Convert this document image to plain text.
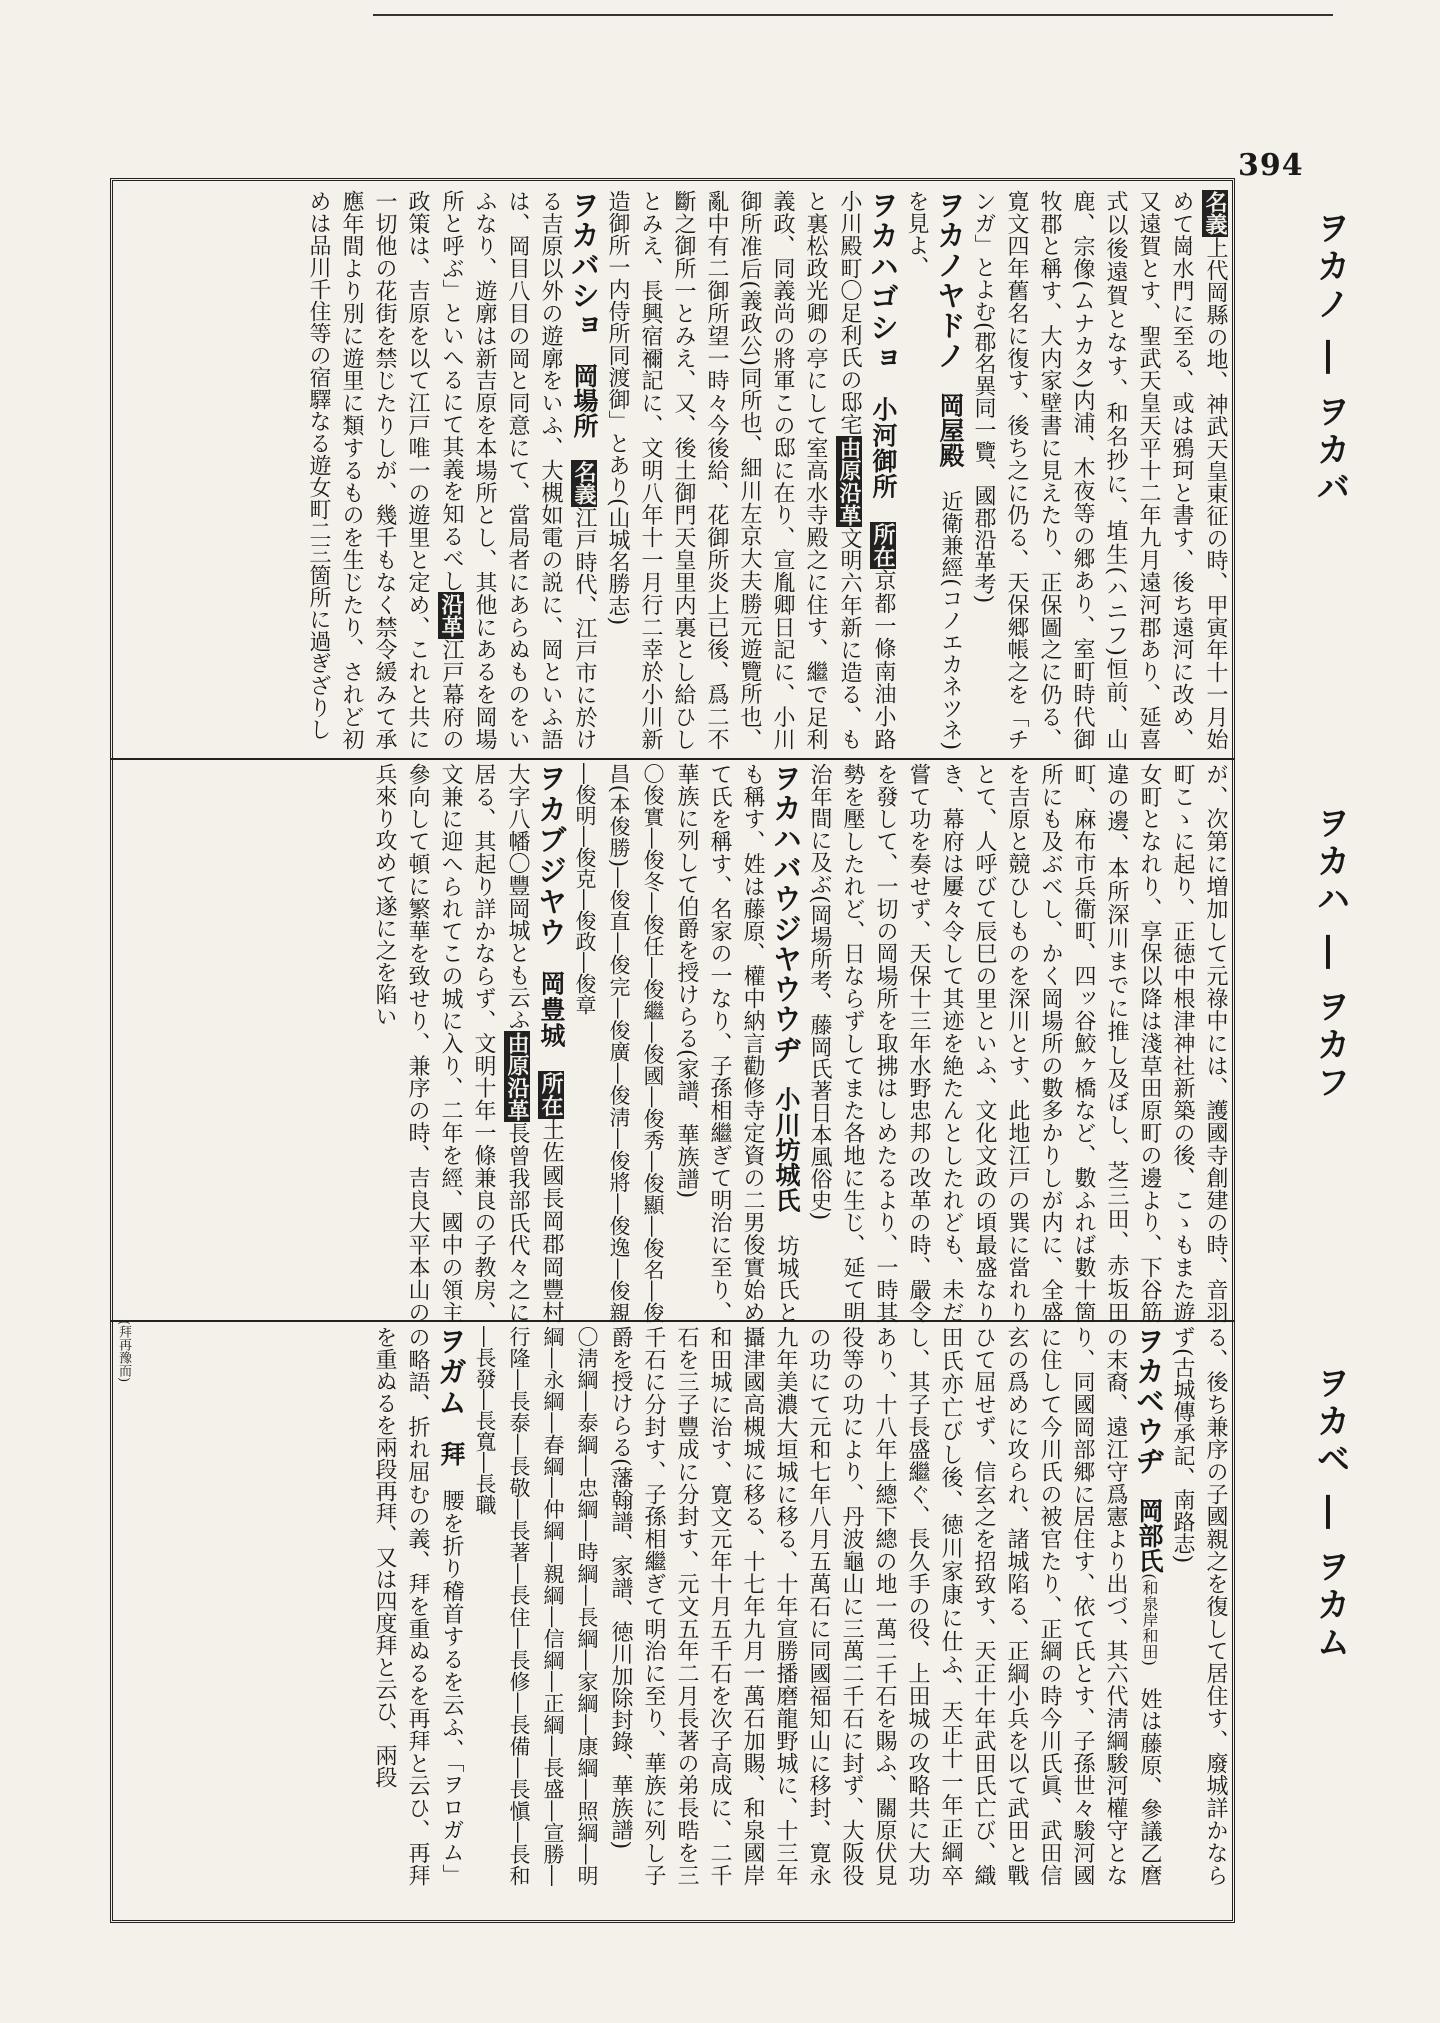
394
ヲカノ ― ヲカバ
ヲカハ ― ヲカフ
ヲカベ ― ヲカム
(拜再豫而)

名義上代岡縣の地、神武天皇東征の時、甲寅年十一月始めて崗水門に至る、或は鴉珂と書す、後ち遠河に改め、又遠賀とす、聖武天皇天平十二年九月遠河郡あり、延喜式以後遠賀となす、和名抄に、埴生(ハニフ)恒前、山鹿、宗像(ムナカタ)内浦、木夜等の郷あり、室町時代御牧郡と稱す、大内家壁書に見えたり、正保圖之に仍る、寛文四年舊名に復す、後ち之に仍る、天保郷帳之を「チンガ」とよむ(郡名異同一覽、國郡沿革考)

ヲカノヤドノ　岡屋殿　近衛兼經(コノエカネツネ)を見よ、

ヲカハゴショ　小河御所　所在京都一條南油小路小川殿町〇足利氏の邸宅由原沿革文明六年新に造る、もと裏松政光卿の亭にして室高水寺殿之に住す、繼で足利義政、同義尚の將軍この邸に在り、宣胤卿日記に、小川御所准后(義政公)同所也、細川左京大夫勝元遊覽所也、亂中有二御所望一時々今後給、花御所炎上已後、爲二不斷之御所一とみえ、又、後土御門天皇里内裏とし給ひしとみえ、長興宿禰記に、文明八年十一月行二幸於小川新造御所一内侍所同渡御」とあり(山城名勝志)

ヲカバショ　岡場所　名義江戸時代、江戸市に於ける吉原以外の遊廓をいふ、大槻如電の説に、岡といふ語は、岡目八目の岡と同意にて、當局者にあらぬものをいふなり、遊廓は新吉原を本場所とし、其他にあるを岡場所と呼ぶ」といへるにて其義を知るべし沿革江戸幕府の政策は、吉原を以て江戸唯一の遊里と定め、これと共に一切他の花街を禁じたりしが、幾千もなく禁令緩みて承應年間より別に遊里に類するものを生じたり、されど初めは品川千住等の宿驛なる遊女町二三箇所に過ぎざりし

が、次第に増加して元祿中には、護國寺創建の時、音羽町こゝに起り、正徳中根津神社新築の後、こゝもまた遊女町となれり、享保以降は淺草田原町の邊より、下谷筋違の邊、本所深川までに推し及ぼし、芝三田、赤坂田町、麻布市兵衞町、四ッ谷鮫ヶ橋など、數ふれば數十箇所にも及ぶべし、かく岡場所の數多かりしが内に、全盛を吉原と競ひしものを深川とす、此地江戸の巽に當れりとて、人呼びて辰巳の里といふ、文化文政の頃最盛なりき、幕府は屢々令して其迹を絶たんとしたれども、未だ嘗て功を奏せず、天保十三年水野忠邦の改革の時、嚴令を發して、一切の岡場所を取拂はしめたるより、一時其勢を壓したれど、日ならずしてまた各地に生じ、延て明治年間に及ぶ(岡場所考、藤岡氏著日本風俗史)

ヲカハバウジヤウウヂ　小川坊城氏　坊城氏とも稱す、姓は藤原、權中納言勸修寺定資の二男俊實始めて氏を稱す、名家の一なり、子孫相繼ぎて明治に至り、華族に列して伯爵を授けらる(家譜、華族譜)

〇俊實―俊冬―俊任―俊繼―俊國―俊秀―俊顯―俊名―俊昌(本俊勝)―俊直―俊完―俊廣―俊淸―俊將―俊逸―俊親―俊明―俊克―俊政―俊章

ヲカブジヤウ　岡豊城　所在土佐國長岡郡岡豐村大字八幡〇豐岡城とも云ふ由原沿革長曾我部氏代々之に居る、其起り詳かならず、文明十年一條兼良の子教房、文兼に迎へられてこの城に入り、二年を經、國中の領主參向して頓に繁華を致せり、兼序の時、吉良大平本山の兵來り攻めて遂に之を陷い

る、後ち兼序の子國親之を復して居住す、廢城詳かならず(古城傳承記、南路志)

ヲカベウヂ　岡部氏(和泉岸和田)　姓は藤原、參議乙麿の末裔、遠江守爲憲より出づ、其六代淸綱駿河權守となり、同國岡部郷に居住す、依て氏とす、子孫世々駿河國に住して今川氏の被官たり、正綱の時今川氏眞、武田信玄の爲めに攻られ、諸城陷る、正綱小兵を以て武田と戰ひて屈せず、信玄之を招致す、天正十年武田氏亡び、織田氏亦亡びし後、徳川家康に仕ふ、天正十一年正綱卒し、其子長盛繼ぐ、長久手の役、上田城の攻略共に大功あり、十八年上總下總の地一萬二千石を賜ふ、關原伏見役等の功により、丹波龜山に三萬二千石に封ず、大阪役の功にて元和七年八月五萬石に同國福知山に移封、寛永九年美濃大垣城に移る、十年宣勝播磨龍野城に、十三年攝津國高槻城に移る、十七年九月一萬石加賜、和泉國岸和田城に治す、寛文元年十月五千石を次子高成に、二千石を三子豐成に分封す、元文五年二月長著の弟長晧を三千石に分封す、子孫相繼ぎて明治に至り、華族に列し子爵を授けらる(藩翰譜、家譜、徳川加除封錄、華族譜)

〇淸綱―泰綱―忠綱―時綱―長綱―家綱―康綱―照綱―明綱―永綱―春綱―仲綱―親綱―信綱―正綱―長盛―宣勝―行隆―長泰―長敬―長著―長住―長修―長備―長愼―長和―長發―長寬―長職

ヲガム　拜　腰を折り稽首するを云ふ、「ヲロガム」の略語、折れ屈むの義、拜を重ぬるを再拜と云ひ、再拜を重ぬるを兩段再拜、又は四度拜と云ひ、兩段
